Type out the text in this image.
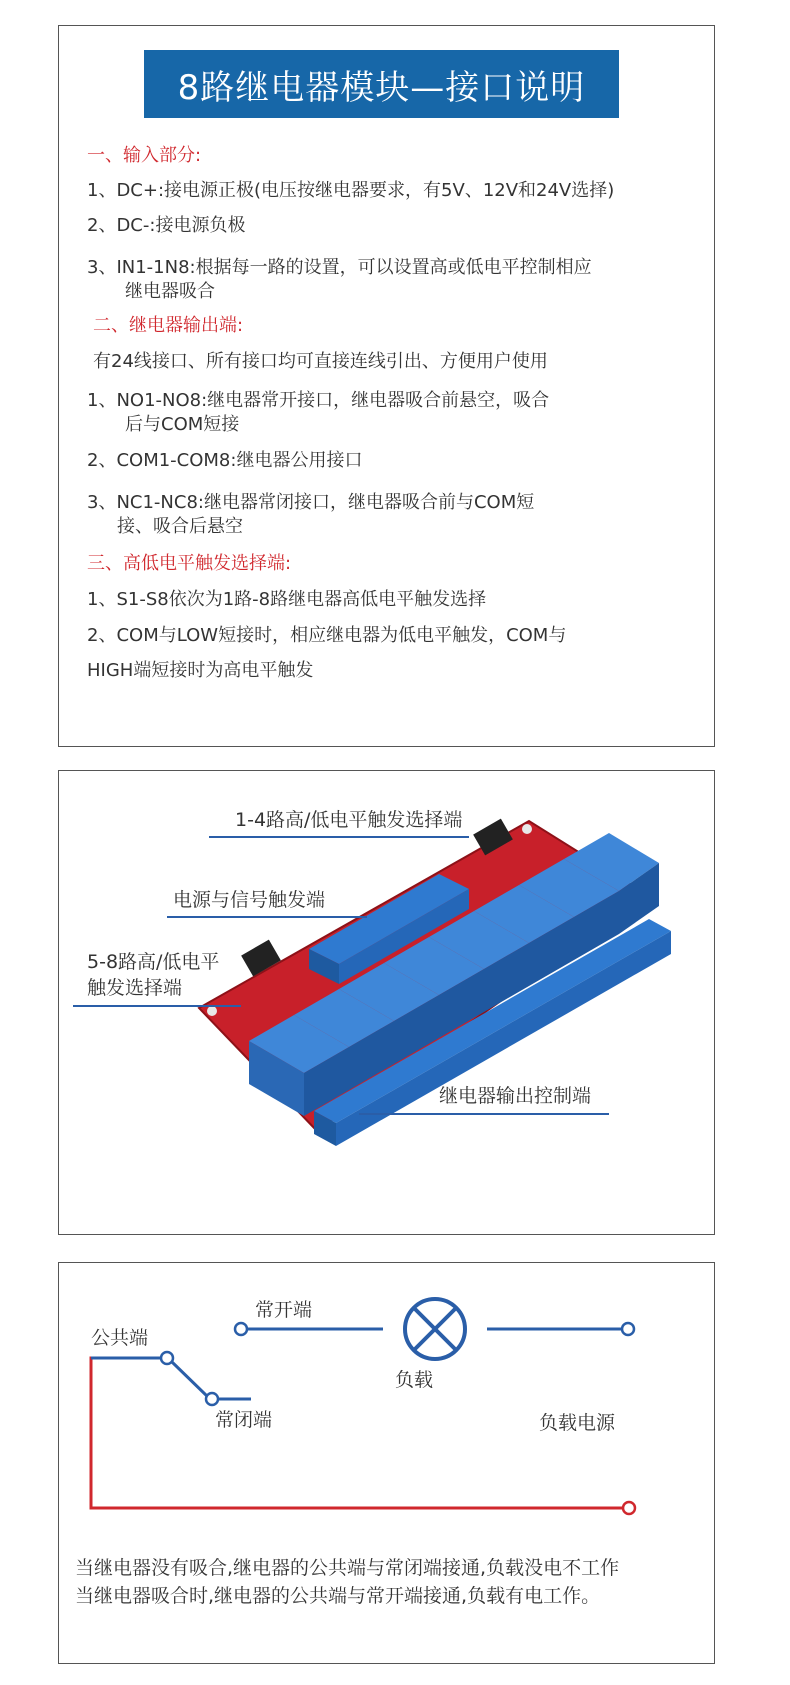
8路继电器模块—接口说明
一、输入部分:
1、DC+:接电源正极(电压按继电器要求，有5V、12V和24V选择)
2、DC-:接电源负极
3、IN1-1N8:根据每一路的设置，可以设置高或低电平控制相应
继电器吸合
二、继电器输出端:
有24线接口、所有接口均可直接连线引出、方便用户使用
1、NO1-NO8:继电器常开接口，继电器吸合前悬空，吸合
后与COM短接
2、COM1-COM8:继电器公用接口
3、NC1-NC8:继电器常闭接口，继电器吸合前与COM短
接、吸合后悬空
三、高低电平触发选择端:
1、S1-S8依次为1路-8路继电器高低电平触发选择
2、COM与LOW短接时，相应继电器为低电平触发，COM与
HIGH端短接时为高电平触发
1-4路高/低电平触发选择端
电源与信号触发端
5-8路高/低电平
触发选择端
继电器输出控制端
常开端
公共端
常闭端
负载
负载电源
当继电器没有吸合,继电器的公共端与常闭端接通,负载没电不工作
当继电器吸合时,继电器的公共端与常开端接通,负载有电工作。
